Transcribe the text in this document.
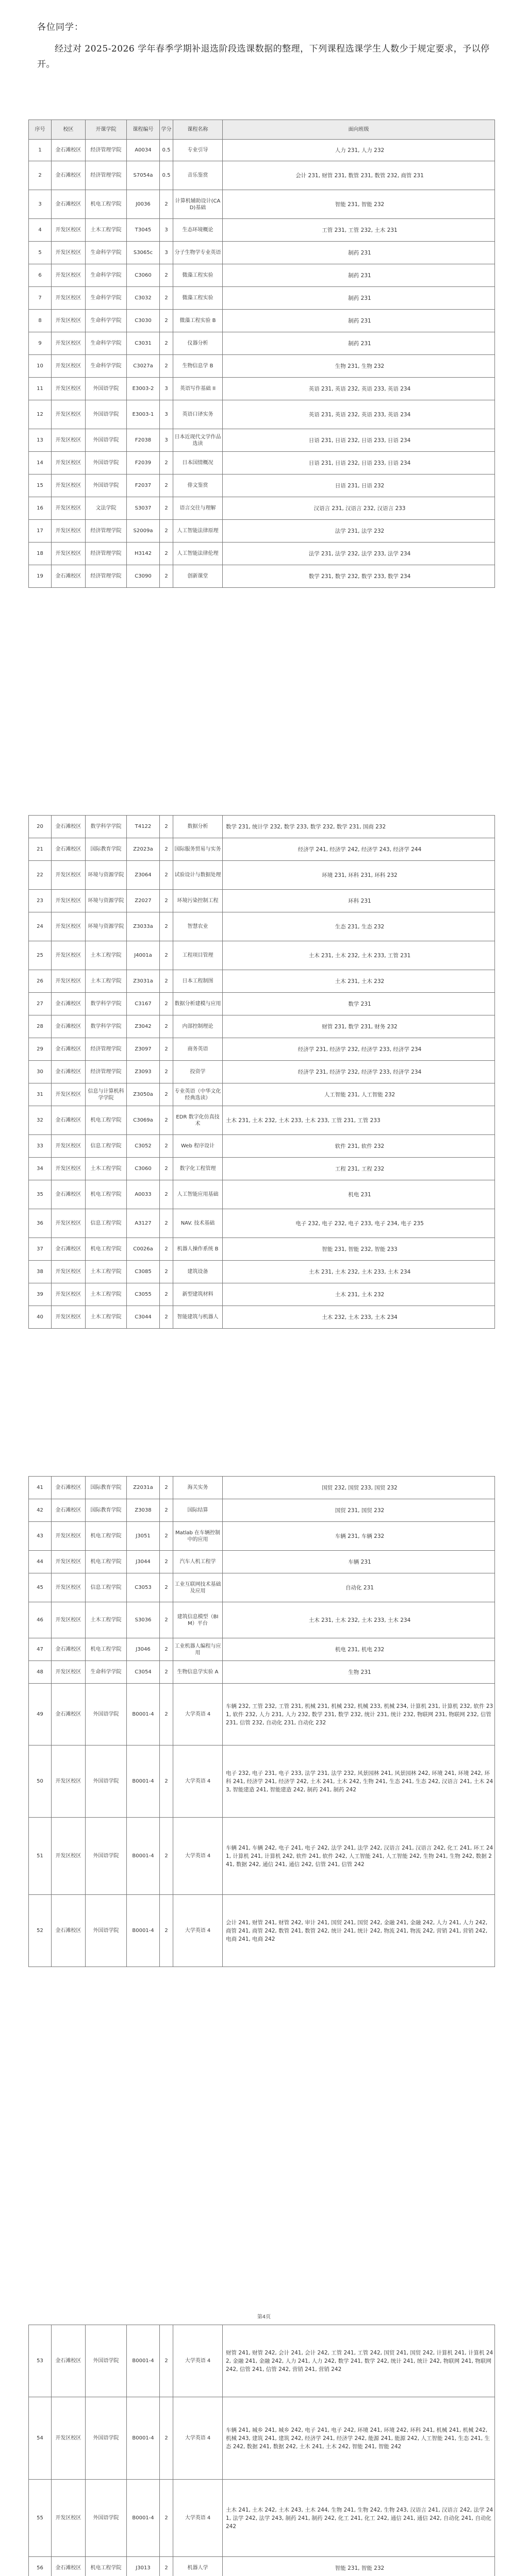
各位同学：
经过对 2025-2026 学年春季学期补退选阶段选课数据的整理，下列课程选课学生人数少于规定要求，予以停开。
序号	校区	开课学院	课程编号	学分	课程名称	面向班级
1	金石滩校区	经济管理学院	A0034	0.5	专业引导	人力 231, 人力 232
2	金石滩校区	经济管理学院	S7054a	0.5	音乐鉴赏	会计 231, 财管 231, 数管 231, 数管 232, 商管 231
3	金石滩校区	机电工程学院	J0036	2	计算机辅助设计(CAD)基础	智能 231, 智能 232
4	开发区校区	土木工程学院	T3045	3	生态环境概论	工管 231, 工管 232, 土木 231
5	开发区校区	生命科学学院	S3065c	3	分子生物学专业英语	制药 231
6	开发区校区	生命科学学院	C3060	2	微藻工程实验	制药 231
7	开发区校区	生命科学学院	C3032	2	微藻工程实验	制药 231
8	开发区校区	生命科学学院	C3030	2	微藻工程实验 B	制药 231
9	开发区校区	生命科学学院	C3031	2	仪器分析	制药 231
10	开发区校区	生命科学学院	C3027a	2	生物信息学 B	生物 231, 生物 232
11	开发区校区	外国语学院	E3003-2	3	英语写作基础 II	英语 231, 英语 232, 英语 233, 英语 234
12	开发区校区	外国语学院	E3003-1	3	英语口译实务	英语 231, 英语 232, 英语 233, 英语 234
13	开发区校区	外国语学院	F2038	3	日本近现代文学作品选读	日语 231, 日语 232, 日语 233, 日语 234
14	开发区校区	外国语学院	F2039	2	日本国情概况	日语 231, 日语 232, 日语 233, 日语 234
15	开发区校区	外国语学院	F2037	2	俳文鉴赏	日语 231, 日语 232
16	开发区校区	文法学院	S3037	2	语言交往与理解	汉语言 231, 汉语言 232, 汉语言 233
17	开发区校区	经济管理学院	S2009a	2	人工智能法律原理	法学 231, 法学 232
18	开发区校区	经济管理学院	H3142	2	人工智能法律伦理	法学 231, 法学 232, 法学 233, 法学 234
19	金石滩校区	经济管理学院	C3090	2	创新课堂	数学 231, 数学 232, 数学 233, 数学 234
20	金石滩校区	数学科学学院	T4122	2	数据分析	数学 231, 统计学 232, 数学 233, 数学 232, 数学 231, 国商 232
21	金石滩校区	国际教育学院	Z2023a	2	国际服务贸易与实务	经济学 241, 经济学 242, 经济学 243, 经济学 244
22	开发区校区	环境与资源学院	Z3064	2	试验设计与数据处理	环境 231, 环科 231, 环科 232
23	开发区校区	环境与资源学院	Z2027	2	环境污染控制工程	环科 231
24	开发区校区	环境与资源学院	Z3033a	2	智慧农业	生态 231, 生态 232
25	开发区校区	土木工程学院	J4001a	2	工程项目管理	土木 231, 土木 232, 土木 233, 工管 231
26	开发区校区	土木工程学院	Z3031a	2	日本工程制图	土木 231, 土木 232
27	金石滩校区	数学科学学院	C3167	2	数据分析建模与应用	数学 231
28	金石滩校区	数学科学学院	Z3042	2	内部控制理论	财管 231, 数学 231, 财务 232
29	金石滩校区	经济管理学院	Z3097	2	商务英语	经济学 231, 经济学 232, 经济学 233, 经济学 234
30	金石滩校区	经济管理学院	Z3093	2	投资学	经济学 231, 经济学 232, 经济学 233, 经济学 234
31	开发区校区	信息与计算机科学学院	Z3050a	2	专业英语（中华文化经典选读）	人工智能 231, 人工智能 232
32	金石滩校区	机电工程学院	C3069a	2	EDR 数字化仿真技术	土木 231, 土木 232, 土木 233, 土木 233, 工管 231, 工管 233
33	开发区校区	信息工程学院	C3052	2	Web 程序设计	软件 231, 软件 232
34	开发区校区	土木工程学院	C3060	2	数字化工程管理	工程 231, 工程 232
35	金石滩校区	机电工程学院	A0033	2	人工智能应用基础	机电 231
36	开发区校区	信息工程学院	A3127	2	NAV. 技术基础	电子 232, 电子 232, 电子 233, 电子 234, 电子 235
37	金石滩校区	机电工程学院	C0026a	2	机器人操作系统 B	智能 231, 智能 232, 智能 233
38	开发区校区	土木工程学院	C3085	2	建筑设备	土木 231, 土木 232, 土木 233, 土木 234
39	开发区校区	土木工程学院	C3055	2	新型建筑材料	土木 231, 土木 232
40	开发区校区	土木工程学院	C3044	2	智能建筑与机器人	土木 232, 土木 233, 土木 234
41	金石滩校区	国际教育学院	Z2031a	2	海关实务	国贸 232, 国贸 233, 国贸 232
42	金石滩校区	国际教育学院	Z3038	2	国际结算	国贸 231, 国贸 232
43	开发区校区	机电工程学院	J3051	2	Matlab 在车辆控制中的应用	车辆 231, 车辆 232
44	开发区校区	机电工程学院	J3044	2	汽车人机工程学	车辆 231
45	开发区校区	信息工程学院	C3053	2	工业互联网技术基础及应用	自动化 231
46	开发区校区	土木工程学院	S3036	2	建筑信息模型（BIM）平台	土木 231, 土木 232, 土木 233, 土木 234
47	金石滩校区	机电工程学院	J3046	2	工业机器人编程与应用	机电 231, 机电 232
48	开发区校区	生命科学学院	C3054	2	生物信息学实验 A	生物 231
49	金石滩校区	外国语学院	B0001-4	2	大学英语 4	车辆 232, 工管 232, 工管 231, 机械 231, 机械 232, 机械 233, 机械 234, 计算机 231, 计算机 232, 软件 231, 软件 232, 人力 231, 人力 232, 数学 231, 数学 232, 统计 231, 统计 232, 物联网 231, 物联网 232, 信管 231, 信管 232, 自动化 231, 自动化 232
50	开发区校区	外国语学院	B0001-4	2	大学英语 4	电子 232, 电子 231, 电子 233, 法学 231, 法学 232, 风景园林 241, 风景园林 242, 环境 241, 环境 242, 环科 241, 经济学 241, 经济学 242, 土木 241, 土木 242, 生物 241, 生态 241, 生态 242, 汉语言 241, 土木 243, 智能建造 241, 智能建造 242, 制药 241, 制药 242
51	开发区校区	外国语学院	B0001-4	2	大学英语 4	车辆 241, 车辆 242, 电子 241, 电子 242, 法学 241, 法学 242, 汉语言 241, 汉语言 242, 化工 241, 环工 241, 计算机 241, 计算机 242, 软件 241, 软件 242, 人工智能 241, 人工智能 242, 生物 241, 生物 242, 数据 241, 数据 242, 通信 241, 通信 242, 信管 241, 信管 242
52	金石滩校区	外国语学院	B0001-4	2	大学英语 4	会计 241, 财管 241, 财管 242, 审计 241, 国贸 241, 国贸 242, 金融 241, 金融 242, 人力 241, 人力 242, 商管 241, 商管 242, 数管 241, 数管 242, 统计 241, 统计 242, 物流 241, 物流 242, 营销 241, 营销 242, 电商 241, 电商 242
第4页
53	金石滩校区	外国语学院	B0001-4	2	大学英语 4	财管 241, 财管 242, 会计 241, 会计 242, 工管 241, 工管 242, 国贸 241, 国贸 242, 计算机 241, 计算机 242, 金融 241, 金融 242, 人力 241, 人力 242, 数学 241, 数学 242, 统计 241, 统计 242, 物联网 241, 物联网 242, 信管 241, 信管 242, 营销 241, 营销 242
54	开发区校区	外国语学院	B0001-4	2	大学英语 4	车辆 241, 城乡 241, 城乡 242, 电子 241, 电子 242, 环境 241, 环境 242, 环科 241, 机械 241, 机械 242, 机械 243, 建筑 241, 建筑 242, 经济学 241, 经济学 242, 能源 241, 能源 242, 人工智能 241, 生态 241, 生态 242, 数据 241, 数据 242, 土木 241, 土木 242, 智能 241, 智能 242
55	开发区校区	外国语学院	B0001-4	2	大学英语 4	土木 241, 土木 242, 土木 243, 土木 244, 生物 241, 生物 242, 生物 243, 汉语言 241, 汉语言 242, 法学 241, 法学 242, 法学 243, 制药 241, 制药 242, 化工 241, 化工 242, 通信 241, 通信 242, 自动化 241, 自动化 242
56	金石滩校区	机电工程学院	J3013	2	机器人学	智能 231, 智能 232
